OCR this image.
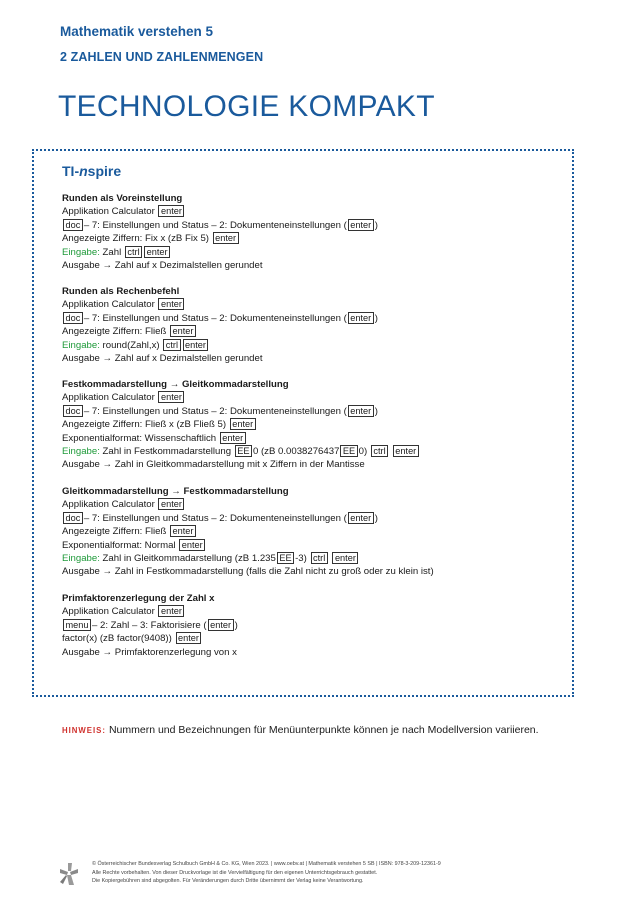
Mathematik verstehen 5
2 ZAHLEN UND ZAHLENMENGEN
TECHNOLOGIE KOMPAKT
TI-nspire
Runden als Voreinstellung
Applikation Calculator enter
doc – 7: Einstellungen und Status – 2: Dokumenteneinstellungen ( enter )
Angezeigte Ziffern: Fix x (zB Fix 5) enter
Eingabe: Zahl ctrl enter
Ausgabe → Zahl auf x Dezimalstellen gerundet
Runden als Rechenbefehl
Applikation Calculator enter
doc – 7: Einstellungen und Status – 2: Dokumenteneinstellungen ( enter )
Angezeigte Ziffern: Fließ enter
Eingabe: round(Zahl,x) ctrl enter
Ausgabe → Zahl auf x Dezimalstellen gerundet
Festkommadarstellung → Gleitkommadarstellung
Applikation Calculator enter
doc – 7: Einstellungen und Status – 2: Dokumenteneinstellungen ( enter )
Angezeigte Ziffern: Fließ x (zB Fließ 5) enter
Exponentialformat: Wissenschaftlich enter
Eingabe: Zahl in Festkommadarstellung EE 0 (zB 0.0038276437 EE 0) ctrl enter
Ausgabe → Zahl in Gleitkommadarstellung mit x Ziffern in der Mantisse
Gleitkommadarstellung → Festkommadarstellung
Applikation Calculator enter
doc – 7: Einstellungen und Status – 2: Dokumenteneinstellungen ( enter )
Angezeigte Ziffern: Fließ enter
Exponentialformat: Normal enter
Eingabe: Zahl in Gleitkommadarstellung (zB 1.235 EE -3) ctrl enter
Ausgabe → Zahl in Festkommadarstellung (falls die Zahl nicht zu groß oder zu klein ist)
Primfaktorenzerlegung der Zahl x
Applikation Calculator enter
menu – 2: Zahl – 3: Faktorisiere ( enter )
factor(x) (zB factor(9408)) enter
Ausgabe → Primfaktorenzerlegung von x
HINWEIS: Nummern und Bezeichnungen für Menüunterpunkte können je nach Modellversion variieren.
© Österreichischer Bundesverlag Schulbuch GmbH & Co. KG, Wien 2023. | www.oebv.at | Mathematik verstehen 5 SB | ISBN: 978-3-209-12361-9
Alle Rechte vorbehalten. Von dieser Druckvorlage ist die Vervielfältigung für den eigenen Unterrichtsgebrauch gestattet.
Die Kopiergebühren sind abgegolten. Für Veränderungen durch Dritte übernimmt der Verlag keine Verantwortung.
